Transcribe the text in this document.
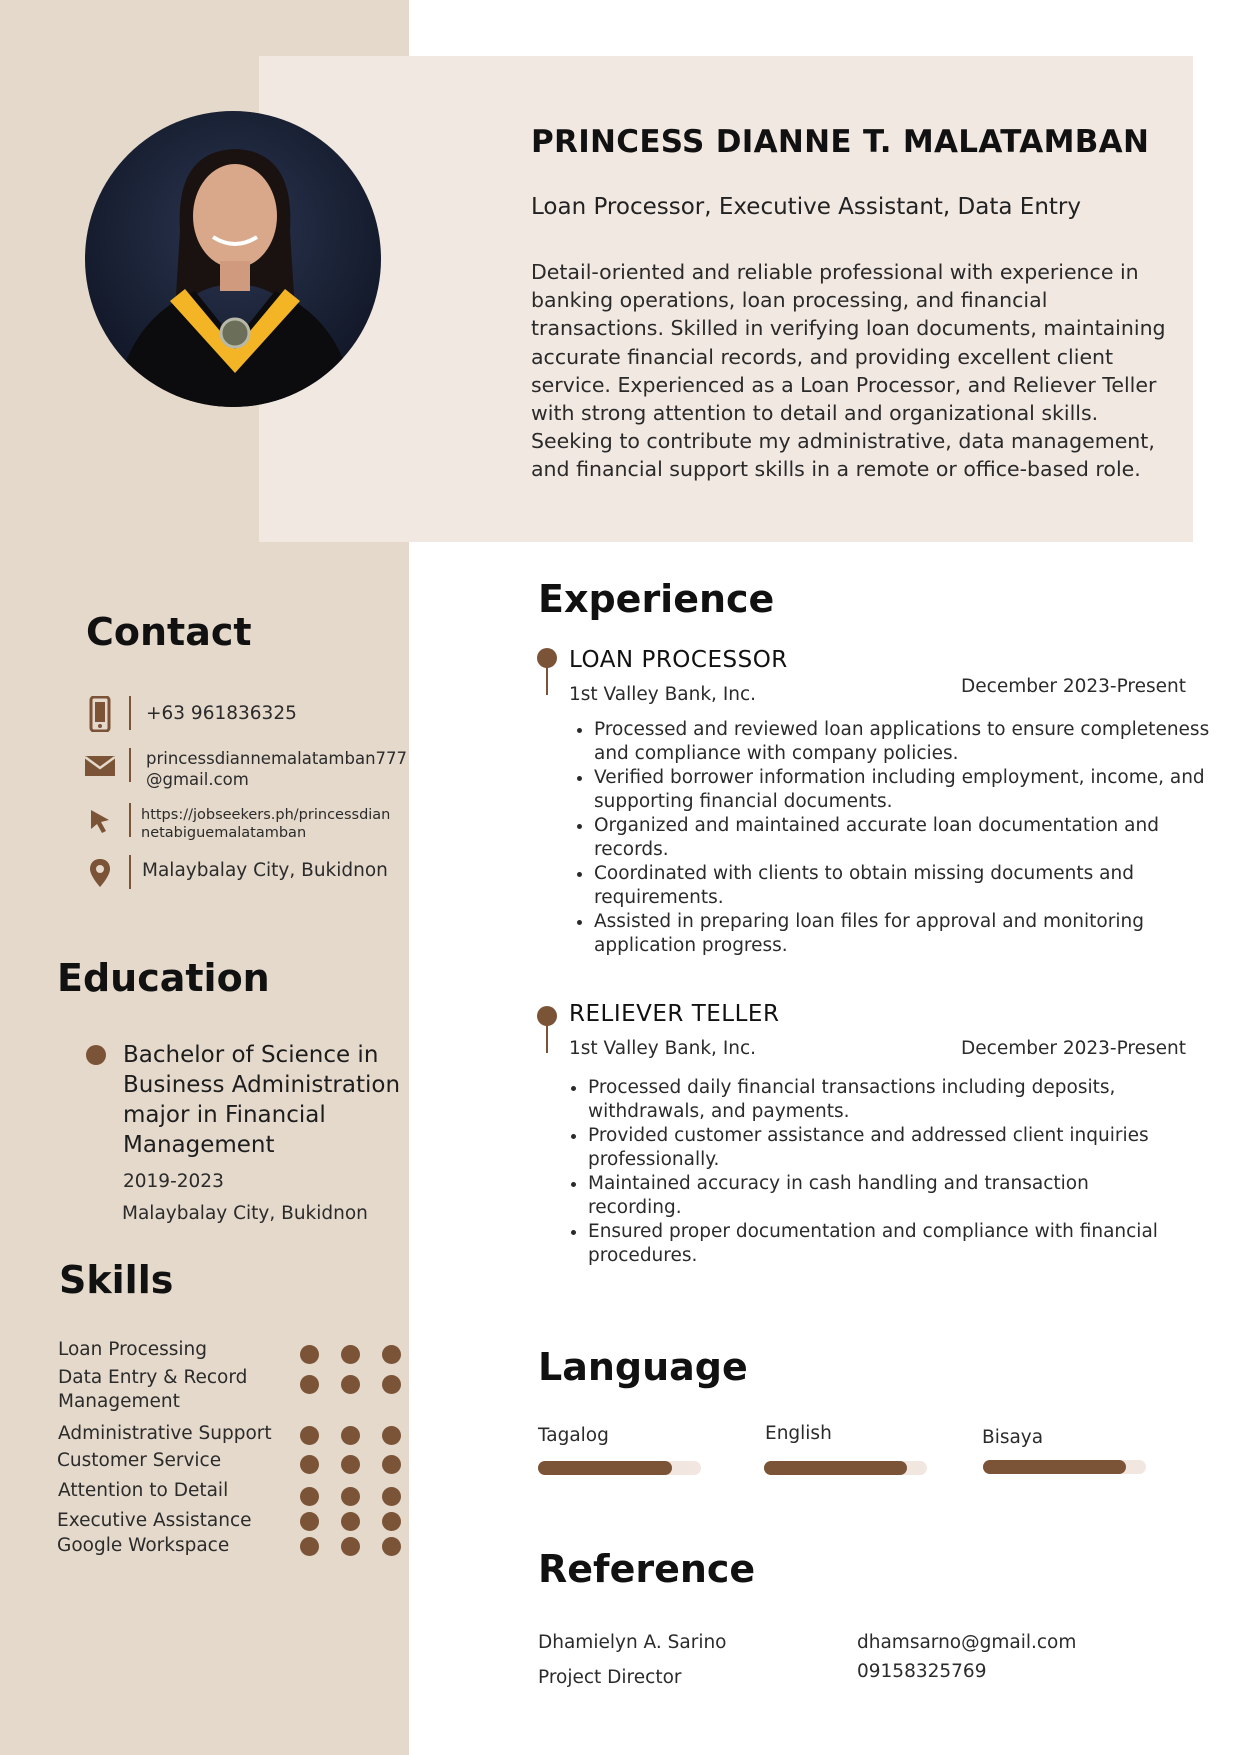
PRINCESS DIANNE T. MALATAMBAN
Loan Processor, Executive Assistant, Data Entry
Detail-oriented and reliable professional with experience in banking operations, loan processing, and financial transactions. Skilled in verifying loan documents, maintaining accurate financial records, and providing excellent client service. Experienced as a Loan Processor, and Reliever Teller with strong attention to detail and organizational skills. Seeking to contribute my administrative, data management, and financial support skills in a remote or office-based role.
Contact
+63 961836325
princessdiannemalatamban777
@gmail.com
https://jobseekers.ph/princessdian
netabiguemalatamban
Malaybalay City, Bukidnon
Education
Bachelor of Science in Business Administration major in Financial Management
2019-2023
Malaybalay City, Bukidnon
Skills
Loan Processing
Data Entry & Record Management
Administrative Support
Customer Service
Attention to Detail
Executive Assistance
Google Workspace
Experience
LOAN PROCESSOR
1st Valley Bank, Inc.	December 2023-Present
• Processed and reviewed loan applications to ensure completeness and compliance with company policies.
• Verified borrower information including employment, income, and supporting financial documents.
• Organized and maintained accurate loan documentation and records.
• Coordinated with clients to obtain missing documents and requirements.
• Assisted in preparing loan files for approval and monitoring application progress.
RELIEVER TELLER
1st Valley Bank, Inc.	December 2023-Present
• Processed daily financial transactions including deposits, withdrawals, and payments.
• Provided customer assistance and addressed client inquiries professionally.
• Maintained accuracy in cash handling and transaction recording.
• Ensured proper documentation and compliance with financial procedures.
Language
Tagalog	English	Bisaya
Reference
Dhamielyn A. Sarino
Project Director
dhamsarno@gmail.com
09158325769
